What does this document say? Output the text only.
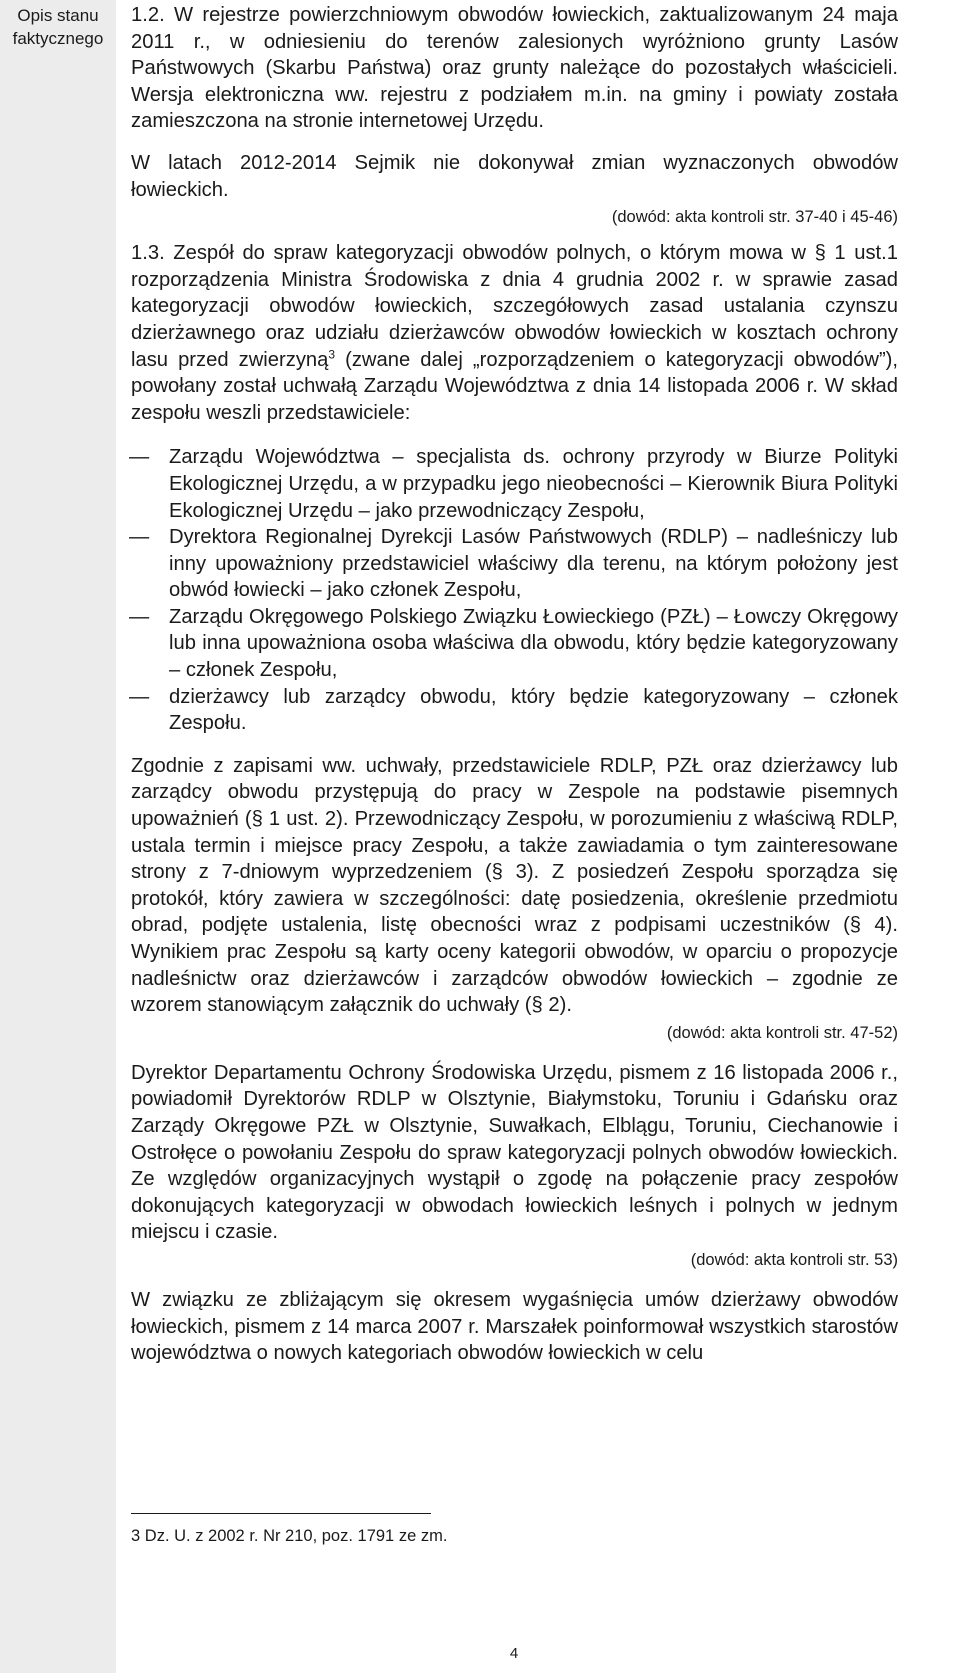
Opis stanu
faktycznego

1.2. W rejestrze powierzchniowym obwodów łowieckich, zaktualizowanym 24 maja 2011 r., w odniesieniu do terenów zalesionych wyróżniono grunty Lasów Państwowych (Skarbu Państwa) oraz grunty należące do pozostałych właścicieli. Wersja elektroniczna ww. rejestru z podziałem m.in. na gminy i powiaty została zamieszczona na stronie internetowej Urzędu.

W latach 2012-2014 Sejmik nie dokonywał zmian wyznaczonych obwodów łowieckich.

(dowód: akta kontroli str. 37-40 i 45-46)

1.3. Zespół do spraw kategoryzacji obwodów polnych, o którym mowa w § 1 ust.1 rozporządzenia Ministra Środowiska z dnia 4 grudnia 2002 r. w sprawie zasad kategoryzacji obwodów łowieckich, szczegółowych zasad ustalania czynszu dzierżawnego oraz udziału dzierżawców obwodów łowieckich w kosztach ochrony lasu przed zwierzyną$^3$ (zwane dalej „rozporządzeniem o kategoryzacji obwodów”), powołany został uchwałą Zarządu Województwa z dnia 14 listopada 2006 r. W skład zespołu weszli przedstawiciele:

— Zarządu Województwa – specjalista ds. ochrony przyrody w Biurze Polityki Ekologicznej Urzędu, a w przypadku jego nieobecności – Kierownik Biura Polityki Ekologicznej Urzędu – jako przewodniczący Zespołu,
— Dyrektora Regionalnej Dyrekcji Lasów Państwowych (RDLP) – nadleśniczy lub inny upoważniony przedstawiciel właściwy dla terenu, na którym położony jest obwód łowiecki – jako członek Zespołu,
— Zarządu Okręgowego Polskiego Związku Łowieckiego (PZŁ) – Łowczy Okręgowy lub inna upoważniona osoba właściwa dla obwodu, który będzie kategoryzowany – członek Zespołu,
— dzierżawcy lub zarządcy obwodu, który będzie kategoryzowany – członek Zespołu.

Zgodnie z zapisami ww. uchwały, przedstawiciele RDLP, PZŁ oraz dzierżawcy lub zarządcy obwodu przystępują do pracy w Zespole na podstawie pisemnych upoważnień (§ 1 ust. 2). Przewodniczący Zespołu, w porozumieniu z właściwą RDLP, ustala termin i miejsce pracy Zespołu, a także zawiadamia o tym zainteresowane strony z 7-dniowym wyprzedzeniem (§ 3). Z posiedzeń Zespołu sporządza się protokół, który zawiera w szczególności: datę posiedzenia, określenie przedmiotu obrad, podjęte ustalenia, listę obecności wraz z podpisami uczestników (§ 4). Wynikiem prac Zespołu są karty oceny kategorii obwodów, w oparciu o propozycje nadleśnictw oraz dzierżawców i zarządców obwodów łowieckich – zgodnie ze wzorem stanowiącym załącznik do uchwały (§ 2).

(dowód: akta kontroli str. 47-52)

Dyrektor Departamentu Ochrony Środowiska Urzędu, pismem z 16 listopada 2006 r., powiadomił Dyrektorów RDLP w Olsztynie, Białymstoku, Toruniu i Gdańsku oraz Zarządy Okręgowe PZŁ w Olsztynie, Suwałkach, Elblągu, Toruniu, Ciechanowie i Ostrołęce o powołaniu Zespołu do spraw kategoryzacji polnych obwodów łowieckich. Ze względów organizacyjnych wystąpił o zgodę na połączenie pracy zespołów dokonujących kategoryzacji w obwodach łowieckich leśnych i polnych w jednym miejscu i czasie.

(dowód: akta kontroli str. 53)

W związku ze zbliżającym się okresem wygaśnięcia umów dzierżawy obwodów łowieckich, pismem z 14 marca 2007 r. Marszałek poinformował wszystkich starostów województwa o nowych kategoriach obwodów łowieckich w celu

3 Dz. U. z 2002 r. Nr 210, poz. 1791 ze zm.
4
